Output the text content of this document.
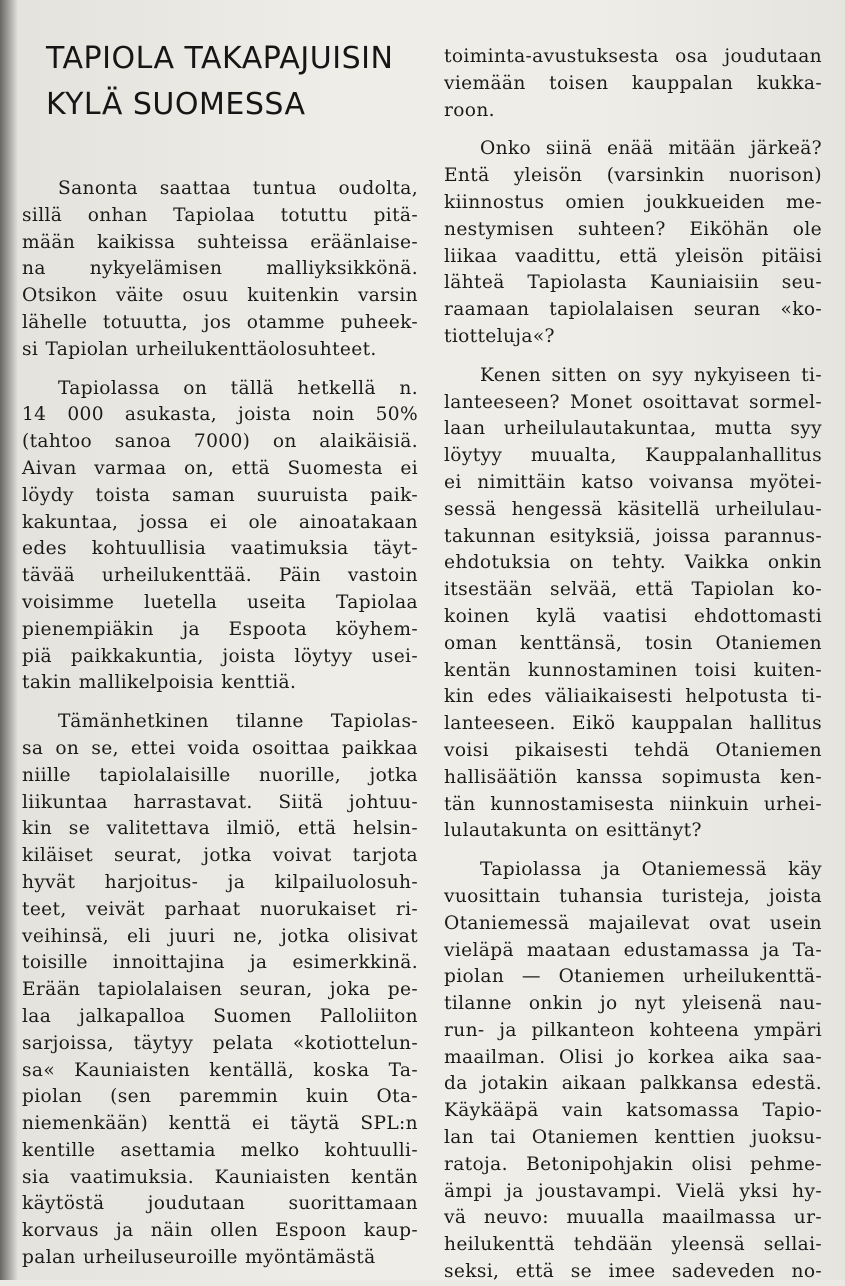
TAPIOLA TAKAPAJUISIN
KYLÄ SUOMESSA
Sanonta saattaa tuntua oudolta,
sillä onhan Tapiolaa totuttu pitä-
mään kaikissa suhteissa eräänlaise-
na nykyelämisen malliyksikkönä.
Otsikon väite osuu kuitenkin varsin
lähelle totuutta, jos otamme puheek-
si Tapiolan urheilukenttäolosuhteet.
Tapiolassa on tällä hetkellä n.
14 000 asukasta, joista noin 50%
(tahtoo sanoa 7000) on alaikäisiä.
Aivan varmaa on, että Suomesta ei
löydy toista saman suuruista paik-
kakuntaa, jossa ei ole ainoatakaan
edes kohtuullisia vaatimuksia täyt-
tävää urheilukenttää. Päin vastoin
voisimme luetella useita Tapiolaa
pienempiäkin ja Espoota köyhem-
piä paikkakuntia, joista löytyy usei-
takin mallikelpoisia kenttiä.
Tämänhetkinen tilanne Tapiolas-
sa on se, ettei voida osoittaa paikkaa
niille tapiolalaisille nuorille, jotka
liikuntaa harrastavat. Siitä johtuu-
kin se valitettava ilmiö, että helsin-
kiläiset seurat, jotka voivat tarjota
hyvät harjoitus- ja kilpailuolosuh-
teet, veivät parhaat nuorukaiset ri-
veihinsä, eli juuri ne, jotka olisivat
toisille innoittajina ja esimerkkinä.
Erään tapiolalaisen seuran, joka pe-
laa jalkapalloa Suomen Palloliiton
sarjoissa, täytyy pelata «kotiottelun-
sa« Kauniaisten kentällä, koska Ta-
piolan (sen paremmin kuin Ota-
niemenkään) kenttä ei täytä SPL:n
kentille asettamia melko kohtuulli-
sia vaatimuksia. Kauniaisten kentän
käytöstä joudutaan suorittamaan
korvaus ja näin ollen Espoon kaup-
palan urheiluseuroille myöntämästä
toiminta-avustuksesta osa joudutaan
viemään toisen kauppalan kukka-
roon.
Onko siinä enää mitään järkeä?
Entä yleisön (varsinkin nuorison)
kiinnostus omien joukkueiden me-
nestymisen suhteen? Eiköhän ole
liikaa vaadittu, että yleisön pitäisi
lähteä Tapiolasta Kauniaisiin seu-
raamaan tapiolalaisen seuran «ko-
tiotteluja«?
Kenen sitten on syy nykyiseen ti-
lanteeseen? Monet osoittavat sormel-
laan urheilulautakuntaa, mutta syy
löytyy muualta, Kauppalanhallitus
ei nimittäin katso voivansa myötei-
sessä hengessä käsitellä urheilulau-
takunnan esityksiä, joissa parannus-
ehdotuksia on tehty. Vaikka onkin
itsestään selvää, että Tapiolan ko-
koinen kylä vaatisi ehdottomasti
oman kenttänsä, tosin Otaniemen
kentän kunnostaminen toisi kuiten-
kin edes väliaikaisesti helpotusta ti-
lanteeseen. Eikö kauppalan hallitus
voisi pikaisesti tehdä Otaniemen
hallisäätiön kanssa sopimusta ken-
tän kunnostamisesta niinkuin urhei-
lulautakunta on esittänyt?
Tapiolassa ja Otaniemessä käy
vuosittain tuhansia turisteja, joista
Otaniemessä majailevat ovat usein
vieläpä maataan edustamassa ja Ta-
piolan — Otaniemen urheilukenttä-
tilanne onkin jo nyt yleisenä nau-
run- ja pilkanteon kohteena ympäri
maailman. Olisi jo korkea aika saa-
da jotakin aikaan palkkansa edestä.
Käykääpä vain katsomassa Tapio-
lan tai Otaniemen kenttien juoksu-
ratoja. Betonipohjakin olisi pehme-
ämpi ja joustavampi. Vielä yksi hy-
vä neuvo: muualla maailmassa ur-
heilukenttä tehdään yleensä sellai-
seksi, että se imee sadeveden no-
